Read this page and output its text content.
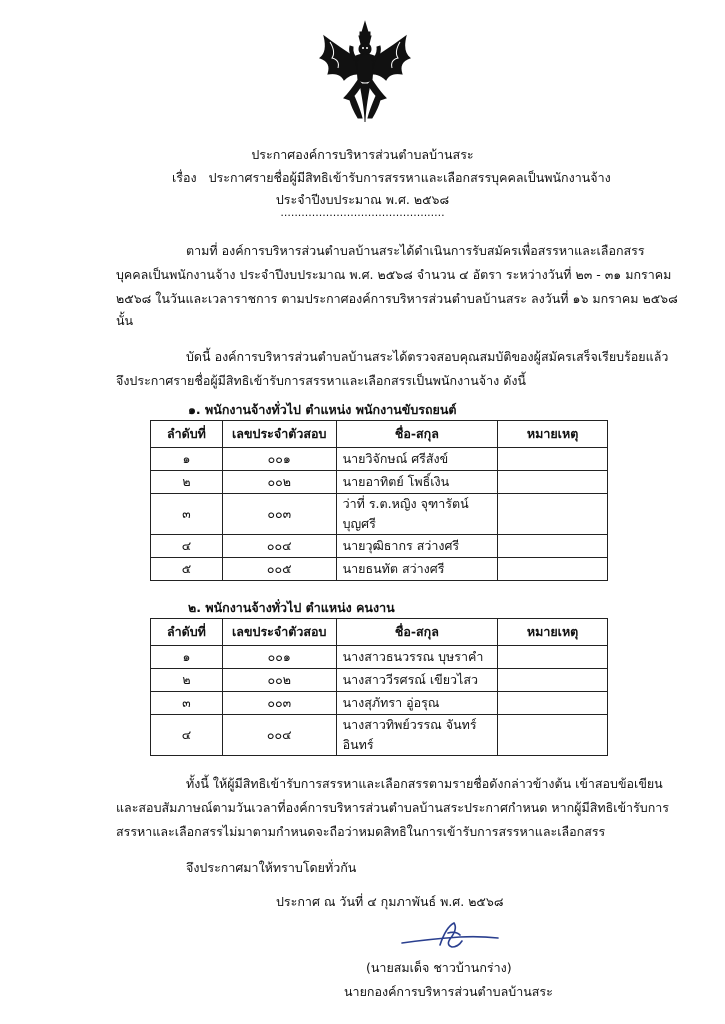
ประกาศองค์การบริหารส่วนตำบลบ้านสระ
เรื่อง ประกาศรายชื่อผู้มีสิทธิเข้ารับการสรรหาและเลือกสรรบุคคลเป็นพนักงานจ้าง
ประจำปีงบประมาณ พ.ศ. ๒๕๖๘
...............................................
ตามที่ องค์การบริหารส่วนตำบลบ้านสระได้ดำเนินการรับสมัครเพื่อสรรหาและเลือกสรร
บุคคลเป็นพนักงานจ้าง ประจำปีงบประมาณ พ.ศ. ๒๕๖๘ จำนวน ๔ อัตรา ระหว่างวันที่ ๒๓ - ๓๑ มกราคม
๒๕๖๘ ในวันและเวลาราชการ ตามประกาศองค์การบริหารส่วนตำบลบ้านสระ ลงวันที่ ๑๖ มกราคม ๒๕๖๘
นั้น
บัดนี้ องค์การบริหารส่วนตำบลบ้านสระได้ตรวจสอบคุณสมบัติของผู้สมัครเสร็จเรียบร้อยแล้ว
จึงประกาศรายชื่อผู้มีสิทธิเข้ารับการสรรหาและเลือกสรรเป็นพนักงานจ้าง ดังนี้
๑. พนักงานจ้างทั่วไป ตำแหน่ง พนักงานขับรถยนต์
ลำดับที่	เลขประจำตัวสอบ	ชื่อ-สกุล	หมายเหตุ
๑	๐๐๑	นายวิจักษณ์ ศรีสังข์	
๒	๐๐๒	นายอาทิตย์ โพธิ์เงิน	
๓	๐๐๓	ว่าที่ ร.ต.หญิง จุฑารัตน์ บุญศรี	
๔	๐๐๔	นายวุฒิธากร สว่างศรี	
๕	๐๐๕	นายธนทัต สว่างศรี	
๒. พนักงานจ้างทั่วไป ตำแหน่ง คนงาน
ลำดับที่	เลขประจำตัวสอบ	ชื่อ-สกุล	หมายเหตุ
๑	๐๐๑	นางสาวธนวรรณ บุษราคำ	
๒	๐๐๒	นางสาววีรศรณ์ เขียวไสว	
๓	๐๐๓	นางสุภัทรา อู่อรุณ	
๔	๐๐๔	นางสาวทิพย์วรรณ จันทร์อินทร์	
ทั้งนี้ ให้ผู้มีสิทธิเข้ารับการสรรหาและเลือกสรรตามรายชื่อดังกล่าวข้างต้น เข้าสอบข้อเขียน
และสอบสัมภาษณ์ตามวันเวลาที่องค์การบริหารส่วนตำบลบ้านสระประกาศกำหนด หากผู้มีสิทธิเข้ารับการ
สรรหาและเลือกสรรไม่มาตามกำหนดจะถือว่าหมดสิทธิในการเข้ารับการสรรหาและเลือกสรร
จึงประกาศมาให้ทราบโดยทั่วกัน
ประกาศ ณ วันที่ ๔ กุมภาพันธ์ พ.ศ. ๒๕๖๘
(นายสมเด็จ ชาวบ้านกร่าง)
นายกองค์การบริหารส่วนตำบลบ้านสระ
